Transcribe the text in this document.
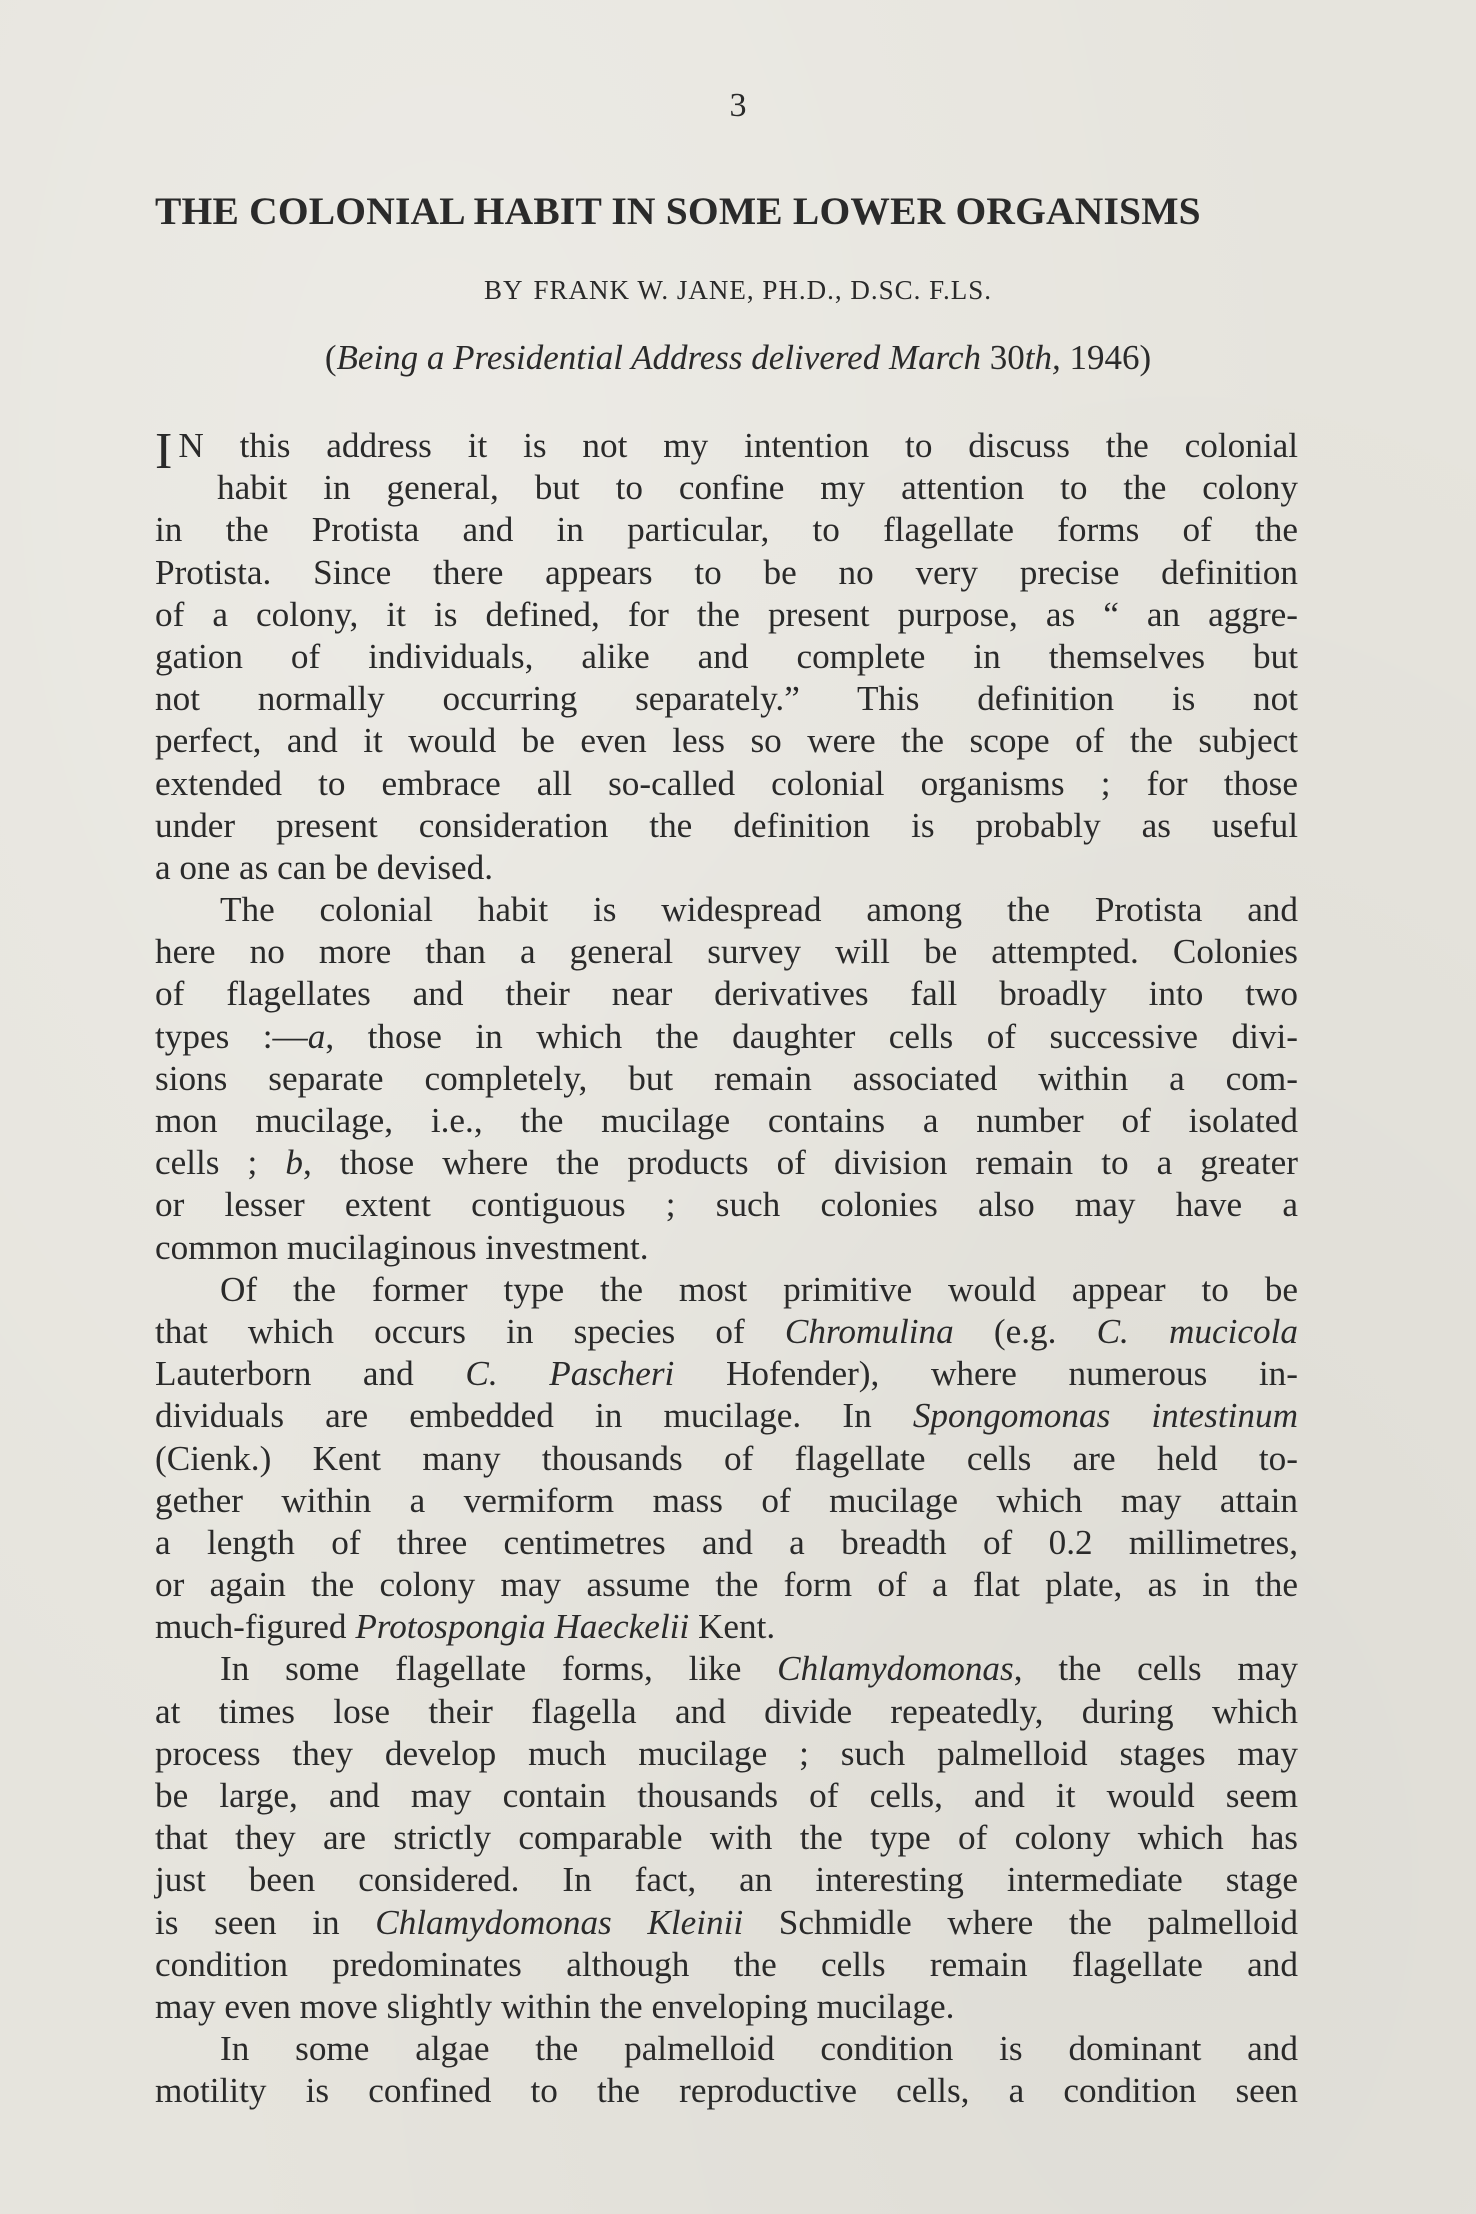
3
THE COLONIAL HABIT IN SOME LOWER ORGANISMS
BY FRANK W. JANE, PH.D., D.SC. F.LS.
(Being a Presidential Address delivered March 30th, 1946)
I N this address it is not my intention to discuss the colonial
habit in general, but to confine my attention to the colony
in the Protista and in particular, to flagellate forms of the
Protista. Since there appears to be no very precise definition
of a colony, it is defined, for the present purpose, as “ an aggre-
gation of individuals, alike and complete in themselves but
not normally occurring separately.” This definition is not
perfect, and it would be even less so were the scope of the subject
extended to embrace all so-called colonial organisms ; for those
under present consideration the definition is probably as useful
a one as can be devised.
The colonial habit is widespread among the Protista and
here no more than a general survey will be attempted. Colonies
of flagellates and their near derivatives fall broadly into two
types :—a, those in which the daughter cells of successive divi-
sions separate completely, but remain associated within a com-
mon mucilage, i.e., the mucilage contains a number of isolated
cells ; b, those where the products of division remain to a greater
or lesser extent contiguous ; such colonies also may have a
common mucilaginous investment.
Of the former type the most primitive would appear to be
that which occurs in species of Chromulina (e.g. C. mucicola
Lauterborn and C. Pascheri Hofender), where numerous in-
dividuals are embedded in mucilage. In Spongomonas intestinum
(Cienk.) Kent many thousands of flagellate cells are held to-
gether within a vermiform mass of mucilage which may attain
a length of three centimetres and a breadth of 0.2 millimetres,
or again the colony may assume the form of a flat plate, as in the
much-figured Protospongia Haeckelii Kent.
In some flagellate forms, like Chlamydomonas, the cells may
at times lose their flagella and divide repeatedly, during which
process they develop much mucilage ; such palmelloid stages may
be large, and may contain thousands of cells, and it would seem
that they are strictly comparable with the type of colony which has
just been considered. In fact, an interesting intermediate stage
is seen in Chlamydomonas Kleinii Schmidle where the palmelloid
condition predominates although the cells remain flagellate and
may even move slightly within the enveloping mucilage.
In some algae the palmelloid condition is dominant and
motility is confined to the reproductive cells, a condition seen
